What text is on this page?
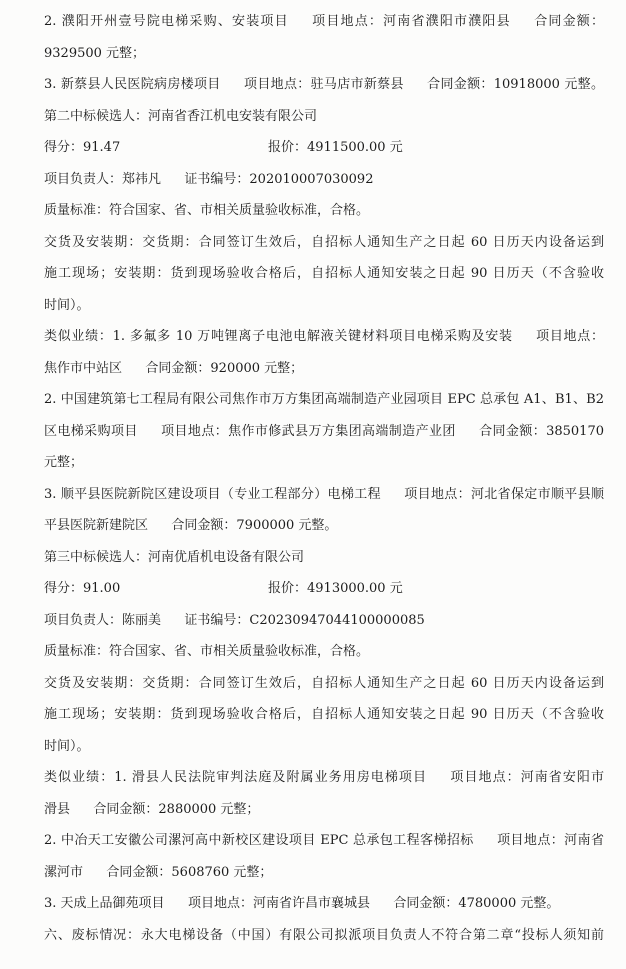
2. 濮阳开州壹号院电梯采购、安装项目 项目地点：河南省濮阳市濮阳县 合同金额：
9329500 元整；
3. 新蔡县人民医院病房楼项目 项目地点：驻马店市新蔡县 合同金额：10918000 元整。
第二中标候选人：河南省香江机电安装有限公司
得分：91.47	报价：4911500.00 元
项目负责人：郑祎凡 证书编号：202010007030092
质量标准：符合国家、省、市相关质量验收标准，合格。
交货及安装期：交货期：合同签订生效后，自招标人通知生产之日起 60 日历天内设备运到
施工现场；安装期：货到现场验收合格后，自招标人通知安装之日起 90 日历天（不含验收
时间）。
类似业绩：1. 多氟多 10 万吨锂离子电池电解液关键材料项目电梯采购及安装 项目地点：
焦作市中站区 合同金额：920000 元整；
2. 中国建筑第七工程局有限公司焦作市万方集团高端制造产业园项目 EPC 总承包 A1、B1、B2
区电梯采购项目 项目地点：焦作市修武县万方集团高端制造产业团 合同金额：3850170
元整；
3. 顺平县医院新院区建设项目（专业工程部分）电梯工程 项目地点：河北省保定市顺平县顺
平县医院新建院区 合同金额：7900000 元整。
第三中标候选人：河南优盾机电设备有限公司
得分：91.00	报价：4913000.00 元
项目负责人：陈丽美 证书编号：C20230947044100000085
质量标准：符合国家、省、市相关质量验收标准，合格。
交货及安装期：交货期：合同签订生效后，自招标人通知生产之日起 60 日历天内设备运到
施工现场；安装期：货到现场验收合格后，自招标人通知安装之日起 90 日历天（不含验收
时间）。
类似业绩：1. 滑县人民法院审判法庭及附属业务用房电梯项目 项目地点：河南省安阳市
滑县 合同金额：2880000 元整；
2. 中冶天工安徽公司漯河高中新校区建设项目 EPC 总承包工程客梯招标 项目地点：河南省
漯河市 合同金额：5608760 元整；
3. 天成上品御苑项目 项目地点：河南省许昌市襄城县 合同金额：4780000 元整。
六、废标情况：永大电梯设备（中国）有限公司拟派项目负责人不符合第二章“投标人须知前
